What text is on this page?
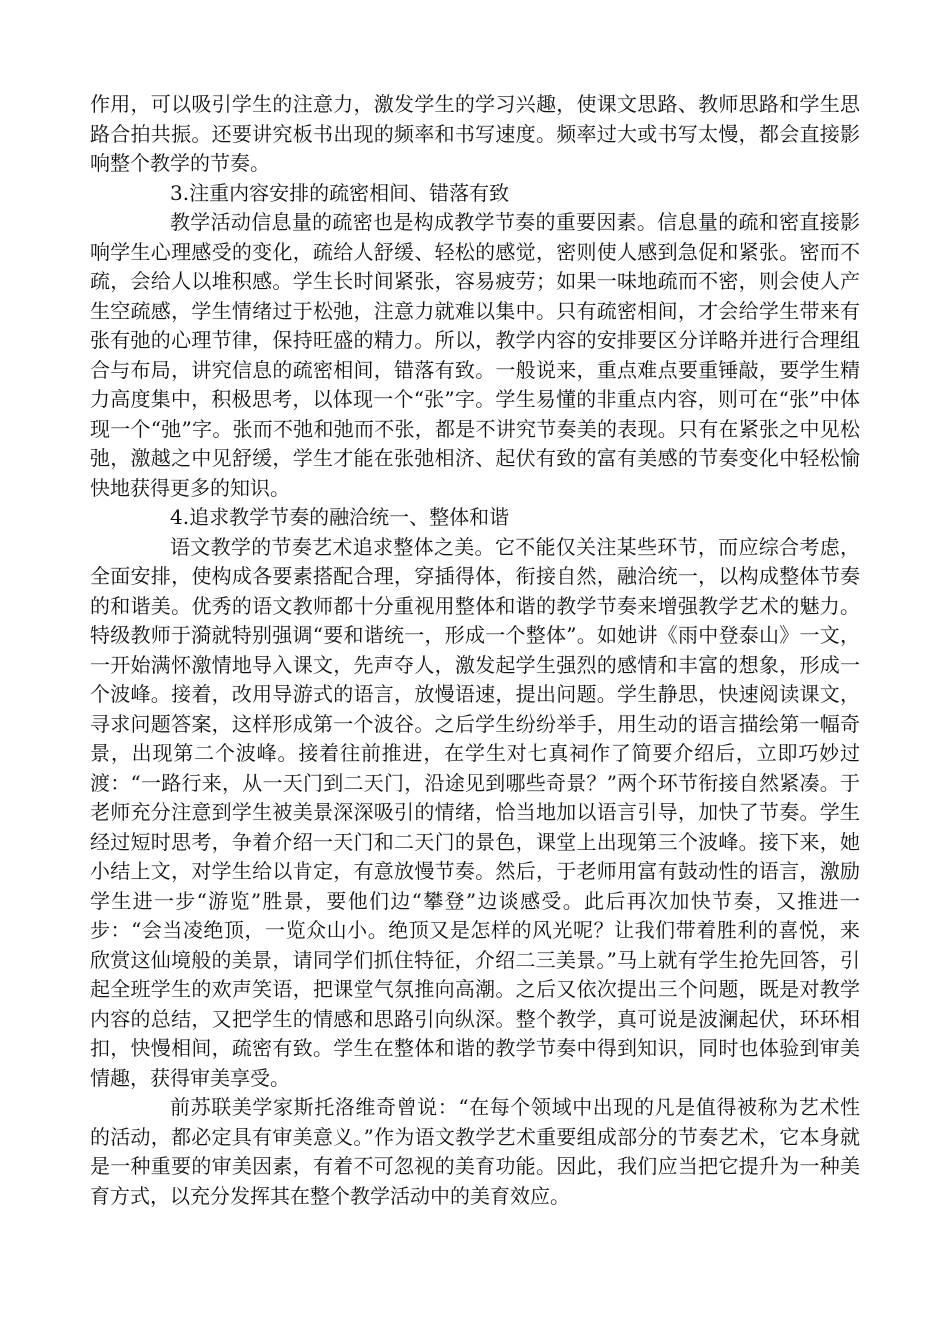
作用，可以吸引学生的注意力，激发学生的学习兴趣，使课文思路、教师思路和学生思路合拍共振。还要讲究板书出现的频率和书写速度。频率过大或书写太慢，都会直接影响整个教学的节奏。

3.注重内容安排的疏密相间、错落有致

教学活动信息量的疏密也是构成教学节奏的重要因素。信息量的疏和密直接影响学生心理感受的变化，疏给人舒缓、轻松的感觉，密则使人感到急促和紧张。密而不疏，会给人以堆积感。学生长时间紧张，容易疲劳；如果一味地疏而不密，则会使人产生空疏感，学生情绪过于松弛，注意力就难以集中。只有疏密相间，才会给学生带来有张有弛的心理节律，保持旺盛的精力。所以，教学内容的安排要区分详略并进行合理组合与布局，讲究信息的疏密相间，错落有致。一般说来，重点难点要重锤敲，要学生精力高度集中，积极思考，以体现一个“张”字。学生易懂的非重点内容，则可在“张”中体现一个“弛”字。张而不弛和弛而不张，都是不讲究节奏美的表现。只有在紧张之中见松弛，激越之中见舒缓，学生才能在张弛相济、起伏有致的富有美感的节奏变化中轻松愉快地获得更多的知识。

4.追求教学节奏的融洽统一、整体和谐

语文教学的节奏艺术追求整体之美。它不能仅关注某些环节，而应综合考虑，全面安排，使构成各要素搭配合理，穿插得体，衔接自然，融洽统一，以构成整体节奏的和谐美。优秀的语文教师都十分重视用整体和谐的教学节奏来增强教学艺术的魅力。特级教师于漪就特别强调“要和谐统一，形成一个整体”。如她讲《雨中登泰山》一文，一开始满怀激情地导入课文，先声夺人，激发起学生强烈的感情和丰富的想象，形成一个波峰。接着，改用导游式的语言，放慢语速，提出问题。学生静思，快速阅读课文，寻求问题答案，这样形成第一个波谷。之后学生纷纷举手，用生动的语言描绘第一幅奇景，出现第二个波峰。接着往前推进，在学生对七真祠作了简要介绍后，立即巧妙过渡：“一路行来，从一天门到二天门，沿途见到哪些奇景？”两个环节衔接自然紧凑。于老师充分注意到学生被美景深深吸引的情绪，恰当地加以语言引导，加快了节奏。学生经过短时思考，争着介绍一天门和二天门的景色，课堂上出现第三个波峰。接下来，她小结上文，对学生给以肯定，有意放慢节奏。然后，于老师用富有鼓动性的语言，激励学生进一步“游览”胜景，要他们边“攀登”边谈感受。此后再次加快节奏，又推进一步：“会当凌绝顶，一览众山小。绝顶又是怎样的风光呢？让我们带着胜利的喜悦，来欣赏这仙境般的美景，请同学们抓住特征，介绍二三美景。”马上就有学生抢先回答，引起全班学生的欢声笑语，把课堂气氛推向高潮。之后又依次提出三个问题，既是对教学内容的总结，又把学生的情感和思路引向纵深。整个教学，真可说是波澜起伏，环环相扣，快慢相间，疏密有致。学生在整体和谐的教学节奏中得到知识，同时也体验到审美情趣，获得审美享受。

前苏联美学家斯托洛维奇曾说：“在每个领域中出现的凡是值得被称为艺术性的活动，都必定具有审美意义。”作为语文教学艺术重要组成部分的节奏艺术，它本身就是一种重要的审美因素，有着不可忽视的美育功能。因此，我们应当把它提升为一种美育方式，以充分发挥其在整个教学活动中的美育效应。
